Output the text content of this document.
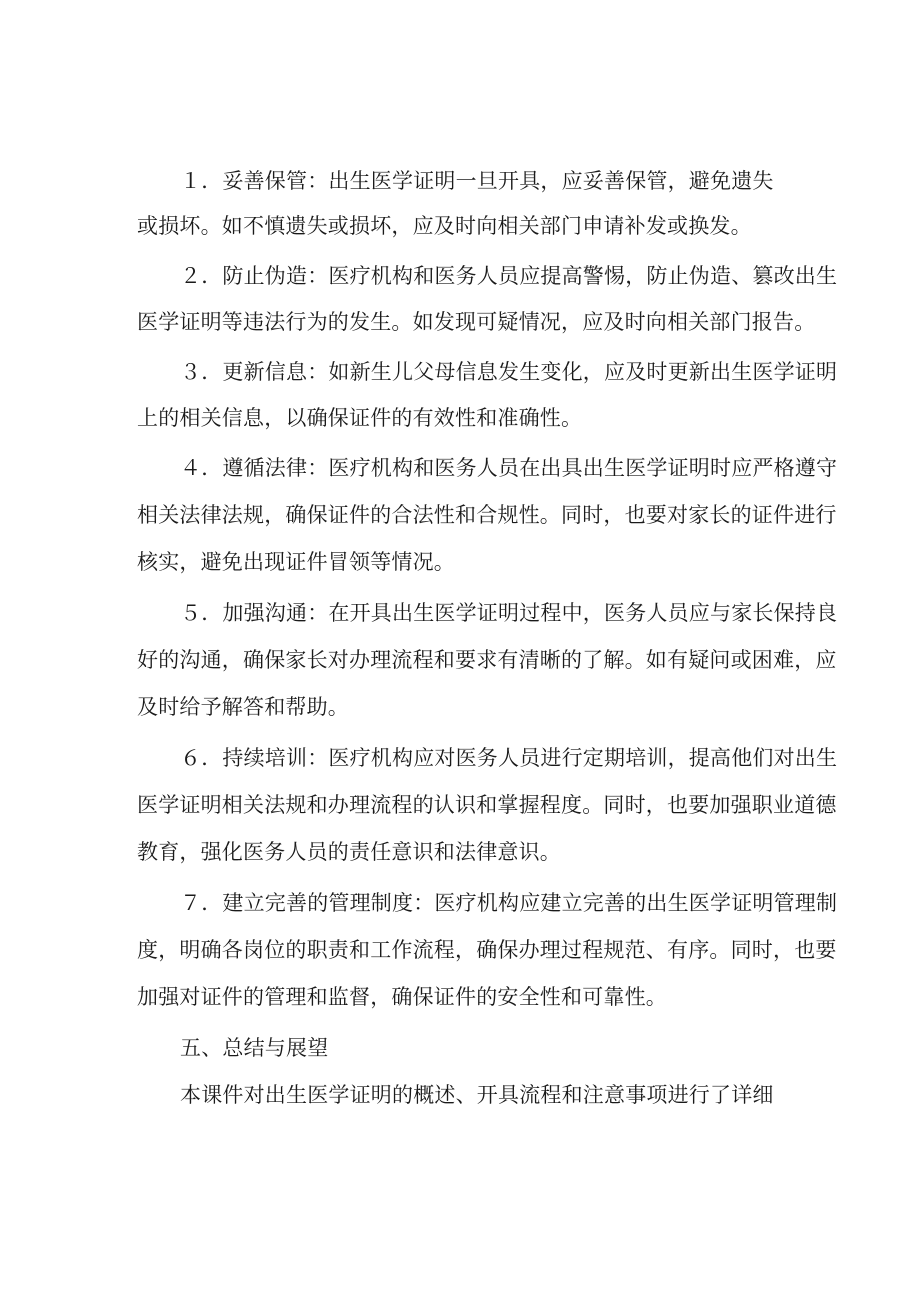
１．妥善保管：出生医学证明一旦开具，应妥善保管，避免遗失
或损坏。如不慎遗失或损坏，应及时向相关部门申请补发或换发。
２．防止伪造：医疗机构和医务人员应提高警惕，防止伪造、篡改出生
医学证明等违法行为的发生。如发现可疑情况，应及时向相关部门报告。
３．更新信息：如新生儿父母信息发生变化，应及时更新出生医学证明
上的相关信息，以确保证件的有效性和准确性。
４．遵循法律：医疗机构和医务人员在出具出生医学证明时应严格遵守
相关法律法规，确保证件的合法性和合规性。同时，也要对家长的证件进行
核实，避免出现证件冒领等情况。
５．加强沟通：在开具出生医学证明过程中，医务人员应与家长保持良
好的沟通，确保家长对办理流程和要求有清晰的了解。如有疑问或困难，应
及时给予解答和帮助。
６．持续培训：医疗机构应对医务人员进行定期培训，提高他们对出生
医学证明相关法规和办理流程的认识和掌握程度。同时，也要加强职业道德
教育，强化医务人员的责任意识和法律意识。
７．建立完善的管理制度：医疗机构应建立完善的出生医学证明管理制
度，明确各岗位的职责和工作流程，确保办理过程规范、有序。同时，也要
加强对证件的管理和监督，确保证件的安全性和可靠性。
五、总结与展望
本课件对出生医学证明的概述、开具流程和注意事项进行了详细
